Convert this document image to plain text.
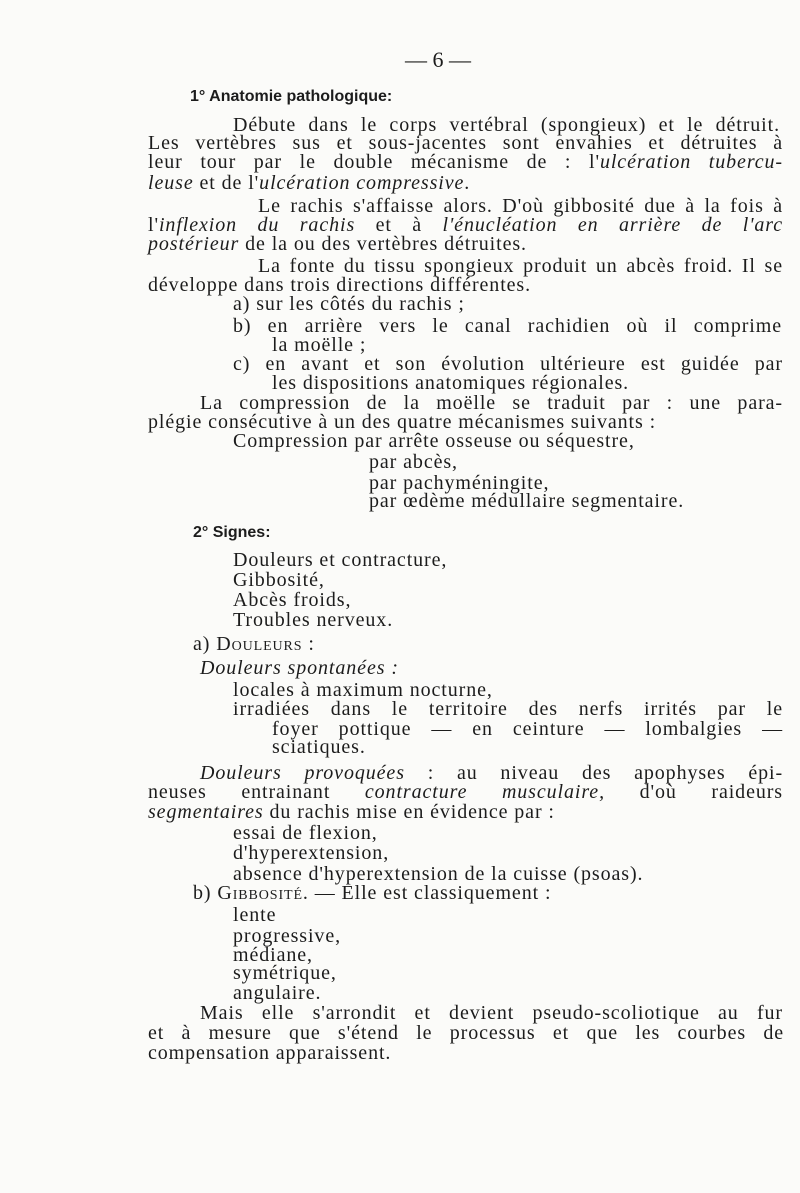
— 6 —
1° Anatomie pathologique:
Débute dans le corps vertébral (spongieux) et le détruit.
Les vertèbres sus et sous-jacentes sont envahies et détruites à
leur tour par le double mécanisme de : l'ulcération tubercu-
leuse et de l'ulcération compressive.
Le rachis s'affaisse alors. D'où gibbosité due à la fois à
l'inflexion du rachis et à l'énucléation en arrière de l'arc
postérieur de la ou des vertèbres détruites.
La fonte du tissu spongieux produit un abcès froid. Il se
développe dans trois directions différentes.
a) sur les côtés du rachis ;
b) en arrière vers le canal rachidien où il comprime
la moëlle ;
c) en avant et son évolution ultérieure est guidée par
les dispositions anatomiques régionales.
La compression de la moëlle se traduit par : une para-
plégie consécutive à un des quatre mécanismes suivants :
Compression par arrête osseuse ou séquestre,
par abcès,
par pachyméningite,
par œdème médullaire segmentaire.
2° Signes:
Douleurs et contracture,
Gibbosité,
Abcès froids,
Troubles nerveux.
a) Douleurs :
Douleurs spontanées :
locales à maximum nocturne,
irradiées dans le territoire des nerfs irrités par le
foyer pottique — en ceinture — lombalgies —
sciatiques.
Douleurs provoquées : au niveau des apophyses épi-
neuses entrainant contracture musculaire, d'où raideurs
segmentaires du rachis mise en évidence par :
essai de flexion,
d'hyperextension,
absence d'hyperextension de la cuisse (psoas).
b) Gibbosité. — Elle est classiquement :
lente
progressive,
médiane,
symétrique,
angulaire.
Mais elle s'arrondit et devient pseudo-scoliotique au fur
et à mesure que s'étend le processus et que les courbes de
compensation apparaissent.
